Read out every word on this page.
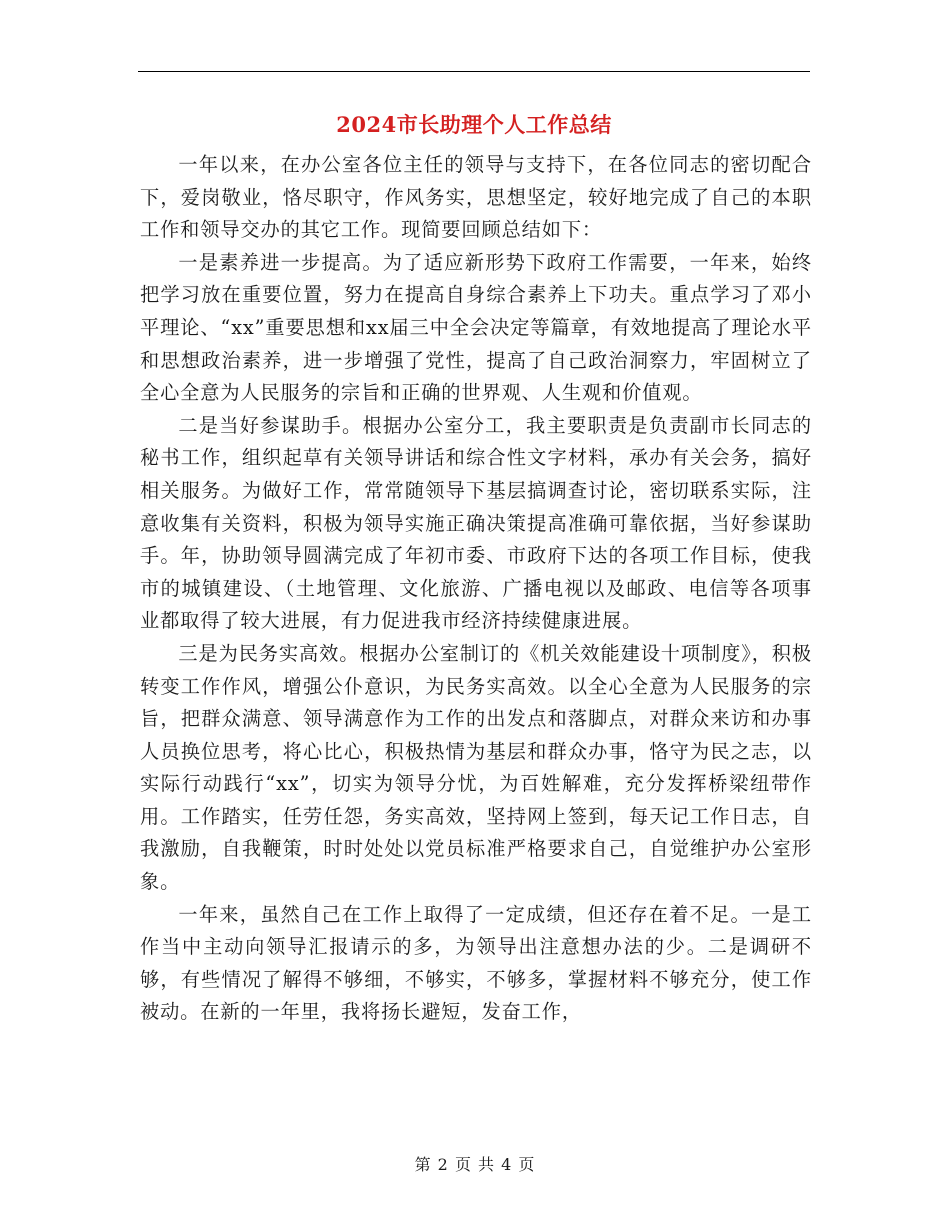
2024市长助理个人工作总结

一年以来，在办公室各位主任的领导与支持下，在各位同志的密切配合下，爱岗敬业，恪尽职守，作风务实，思想坚定，较好地完成了自己的本职工作和领导交办的其它工作。现简要回顾总结如下：

一是素养进一步提高。为了适应新形势下政府工作需要，一年来，始终把学习放在重要位置，努力在提高自身综合素养上下功夫。重点学习了邓小平理论、“xx”重要思想和xx届三中全会决定等篇章，有效地提高了理论水平和思想政治素养，进一步增强了党性，提高了自己政治洞察力，牢固树立了全心全意为人民服务的宗旨和正确的世界观、人生观和价值观。

二是当好参谋助手。根据办公室分工，我主要职责是负责副市长同志的秘书工作，组织起草有关领导讲话和综合性文字材料，承办有关会务，搞好相关服务。为做好工作，常常随领导下基层搞调查讨论，密切联系实际，注意收集有关资料，积极为领导实施正确决策提高准确可靠依据，当好参谋助手。年，协助领导圆满完成了年初市委、市政府下达的各项工作目标，使我市的城镇建设、（土地管理、文化旅游、广播电视以及邮政、电信等各项事业都取得了较大进展，有力促进我市经济持续健康进展。

三是为民务实高效。根据办公室制订的《机关效能建设十项制度》，积极转变工作作风，增强公仆意识，为民务实高效。以全心全意为人民服务的宗旨，把群众满意、领导满意作为工作的出发点和落脚点，对群众来访和办事人员换位思考，将心比心，积极热情为基层和群众办事，恪守为民之志，以实际行动践行“xx”，切实为领导分忧，为百姓解难，充分发挥桥梁纽带作用。工作踏实，任劳任怨，务实高效，坚持网上签到，每天记工作日志，自我激励，自我鞭策，时时处处以党员标准严格要求自己，自觉维护办公室形象。

一年来，虽然自己在工作上取得了一定成绩，但还存在着不足。一是工作当中主动向领导汇报请示的多，为领导出注意想办法的少。二是调研不够，有些情况了解得不够细，不够实，不够多，掌握材料不够充分，使工作被动。在新的一年里，我将扬长避短，发奋工作，

第 2 页 共 4 页
